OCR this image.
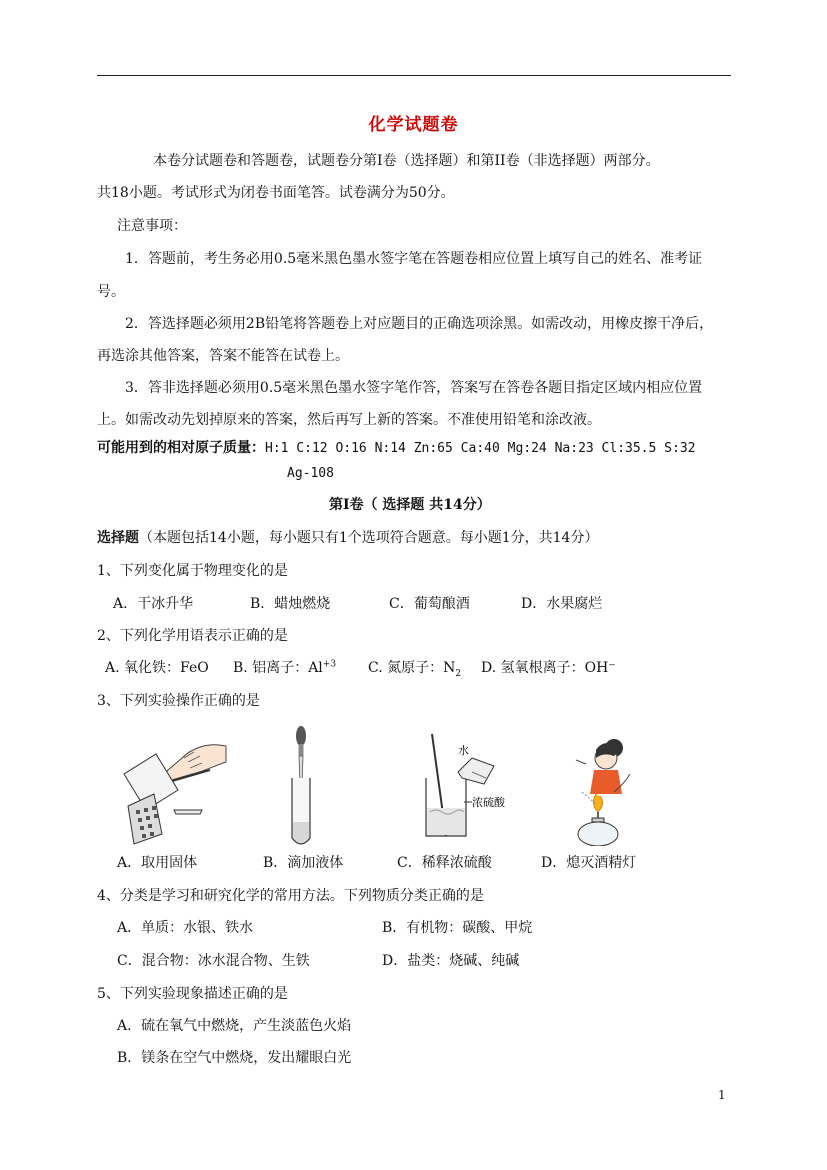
化学试题卷
本卷分试题卷和答题卷，试题卷分第Ⅰ卷（选择题）和第II卷（非选择题）两部分。
共18小题。考试形式为闭卷书面笔答。试卷满分为50分。
注意事项：
1．答题前，考生务必用0.5毫米黑色墨水签字笔在答题卷相应位置上填写自己的姓名、准考证
号。
2．答选择题必须用2B铅笔将答题卷上对应题目的正确选项涂黑。如需改动，用橡皮擦干净后，
再选涂其他答案，答案不能答在试卷上。
3．答非选择题必须用0.5毫米黑色墨水签字笔作答，答案写在答卷各题目指定区域内相应位置
上。如需改动先划掉原来的答案，然后再写上新的答案。不准使用铅笔和涂改液。
可能用到的相对原子质量：H:1 C:12 O:16 N:14 Zn:65 Ca:40 Mg:24 Na:23 Cl:35.5 S:32
Ag-108
第Ⅰ卷（ 选择题 共14分）
选择题（本题包括14小题，每小题只有1个选项符合题意。每小题1分，共14分）
1、下列变化属于物理变化的是
A．干冰升华	B．蜡烛燃烧	C．葡萄酿酒	D．水果腐烂
2、下列化学用语表示正确的是
A. 氧化铁：FeO B. 铝离子：$Al^{+3}$ C. 氮原子：$N_2$ D. 氢氧根离子：OH⁻
3、下列实验操作正确的是
水
浓硫酸
A．取用固体	B．滴加液体	C．稀释浓硫酸	D．熄灭酒精灯
4、分类是学习和研究化学的常用方法。下列物质分类正确的是
A．单质：水银、铁水	B．有机物：碳酸、甲烷
C．混合物：冰水混合物、生铁	D．盐类：烧碱、纯碱
5、下列实验现象描述正确的是
A．硫在氧气中燃烧，产生淡蓝色火焰
B．镁条在空气中燃烧，发出耀眼白光
1
